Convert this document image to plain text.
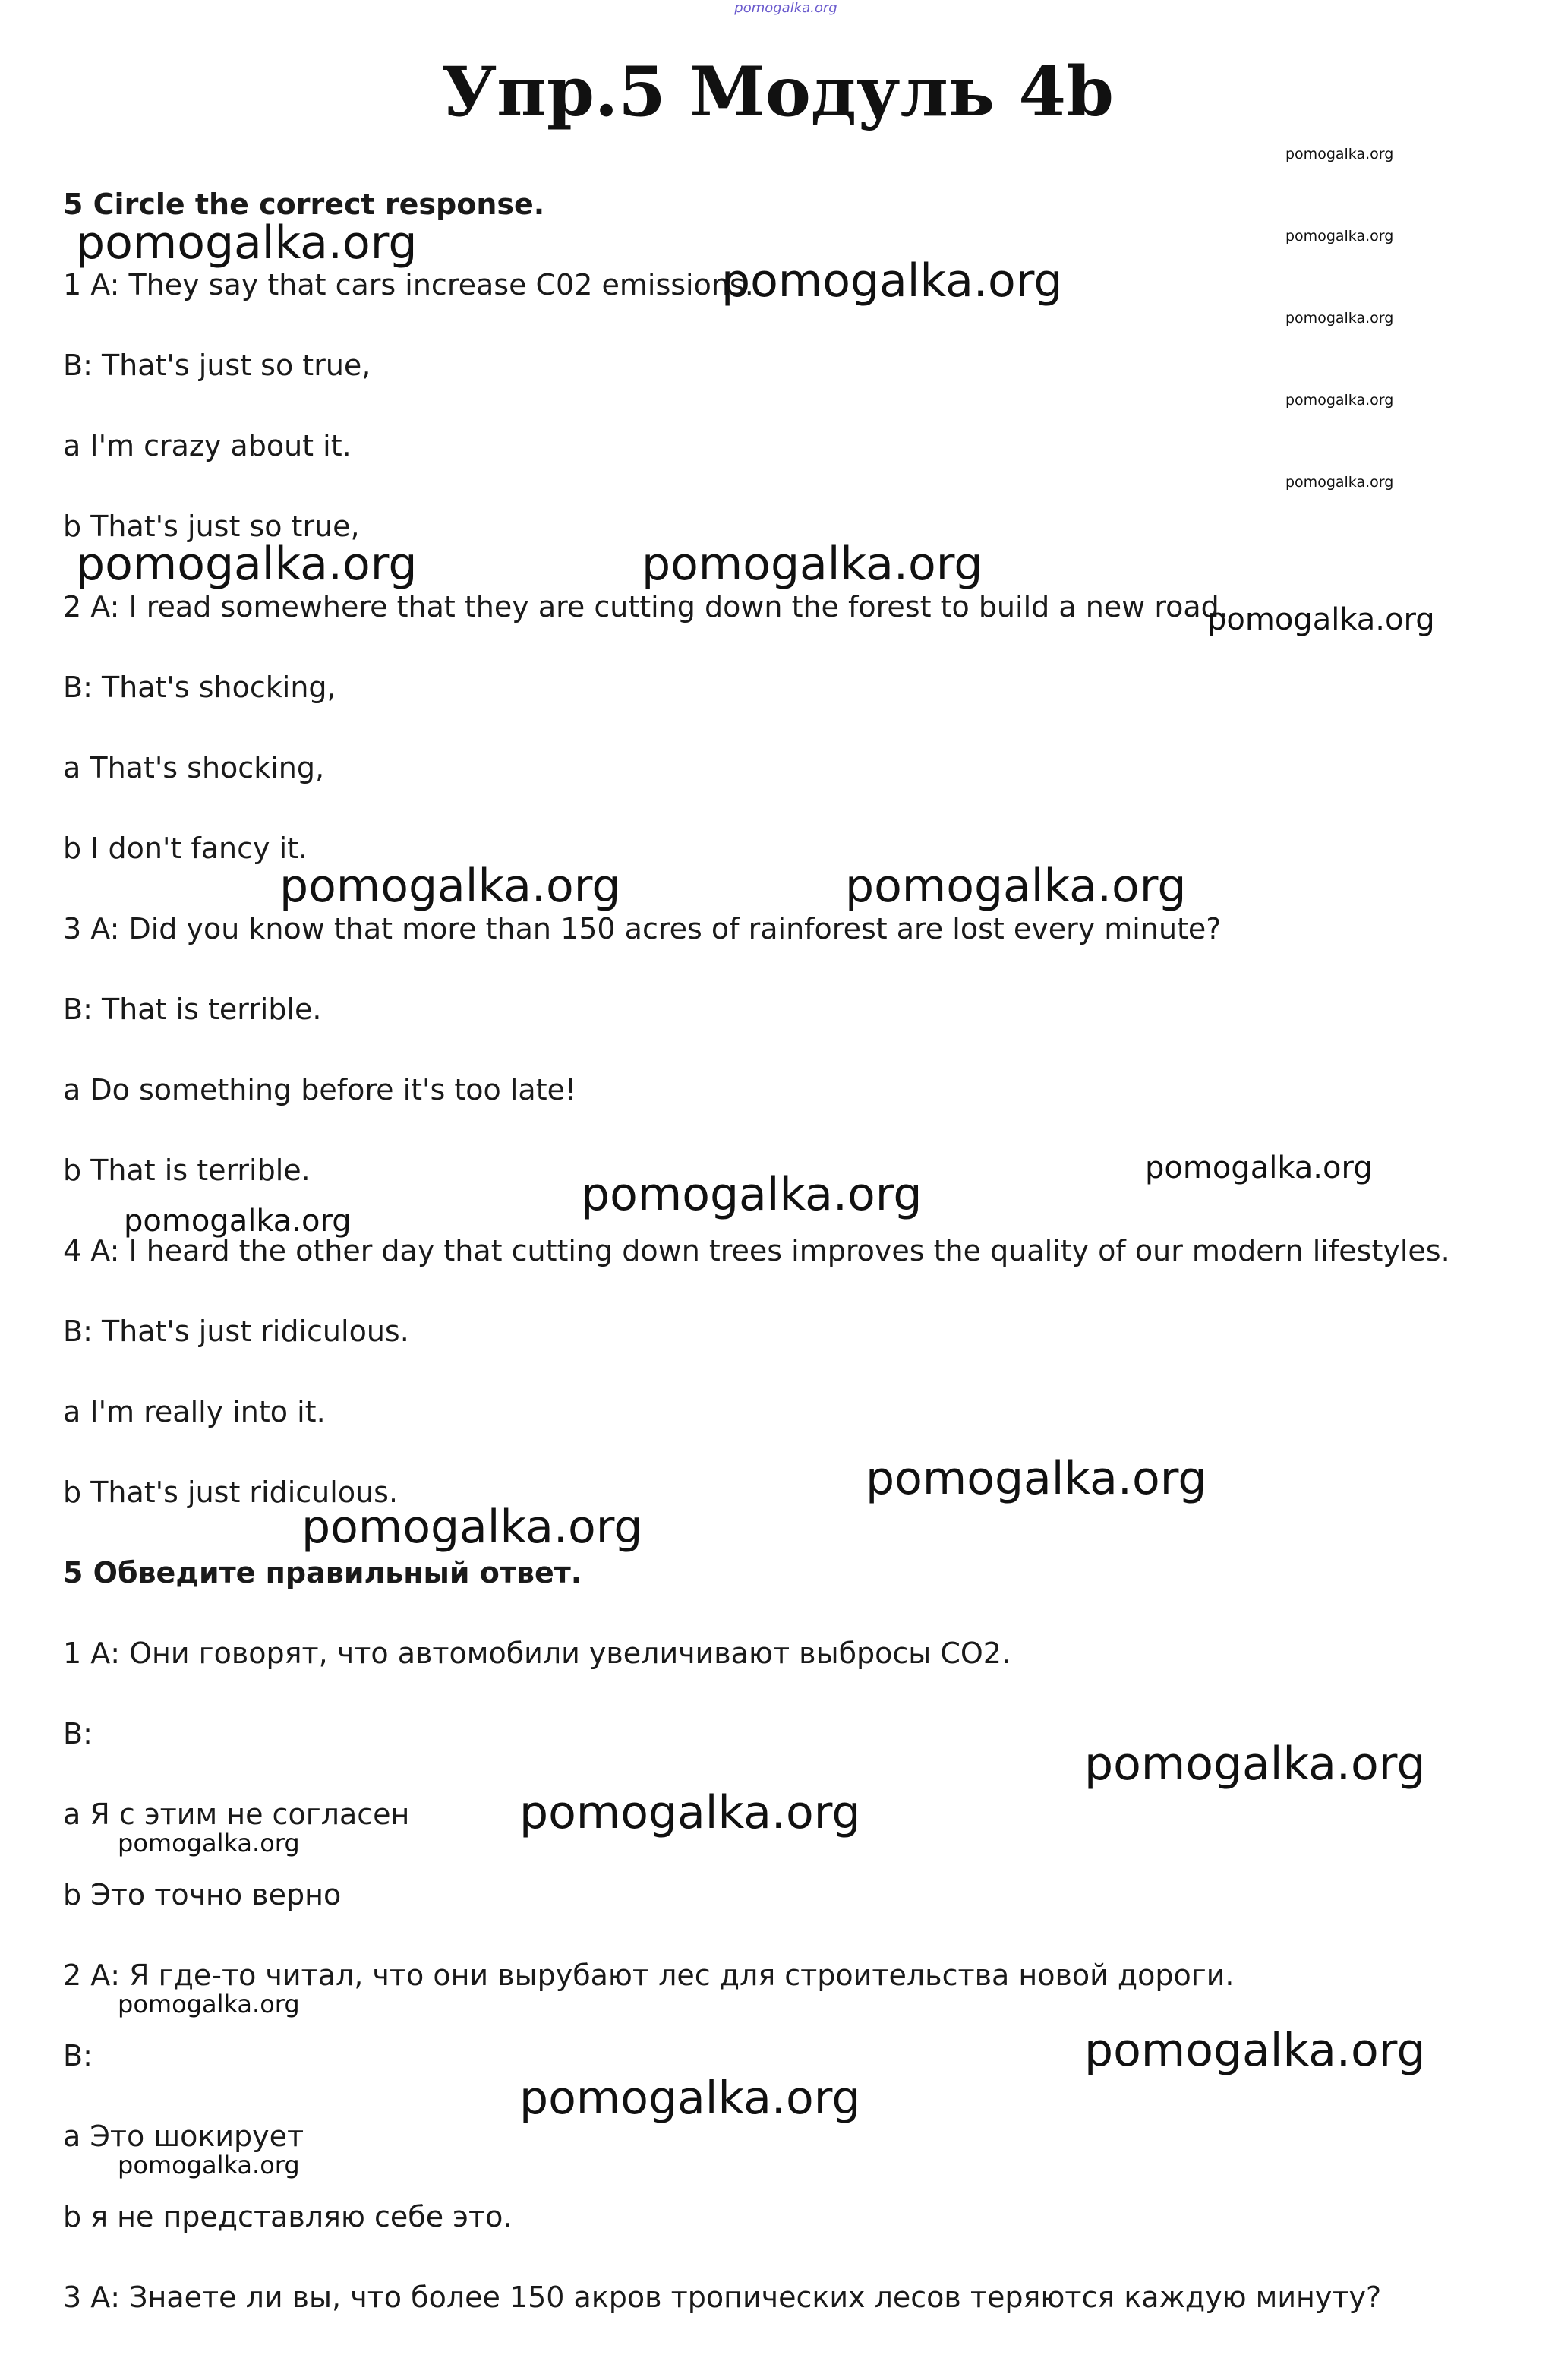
pomogalka.org
Упр.5 Модуль 4b
5 Circle the correct response.
1 A: They say that cars increase C02 emissions.
B: That's just so true,
a I'm crazy about it.
b That's just so true,
2 A: I read somewhere that they are cutting down the forest to build a new road.
B: That's shocking,
a That's shocking,
b I don't fancy it.
3 A: Did you know that more than 150 acres of rainforest are lost every minute?
B: That is terrible.
a Do something before it's too late!
b That is terrible.
4 A: I heard the other day that cutting down trees improves the quality of our modern lifestyles.
B: That's just ridiculous.
a I'm really into it.
b That's just ridiculous.
5 Обведите правильный ответ.
1 А: Они говорят, что автомобили увеличивают выбросы СО2.
В:
а Я с этим не согласен
b Это точно верно
2 А: Я где-то читал, что они вырубают лес для строительства новой дороги.
В:
а Это шокирует
b я не представляю себе это.
3 А: Знаете ли вы, что более 150 акров тропических лесов теряются каждую минуту?
pomogalka.org
pomogalka.org
pomogalka.org
pomogalka.org
pomogalka.org
pomogalka.org
pomogalka.org
pomogalka.org	pomogalka.org
pomogalka.org
pomogalka.org	pomogalka.org
pomogalka.org
pomogalka.org
pomogalka.org
pomogalka.org
pomogalka.org
pomogalka.org
pomogalka.org
pomogalka.org
pomogalka.org
pomogalka.org
pomogalka.org
pomogalka.org
